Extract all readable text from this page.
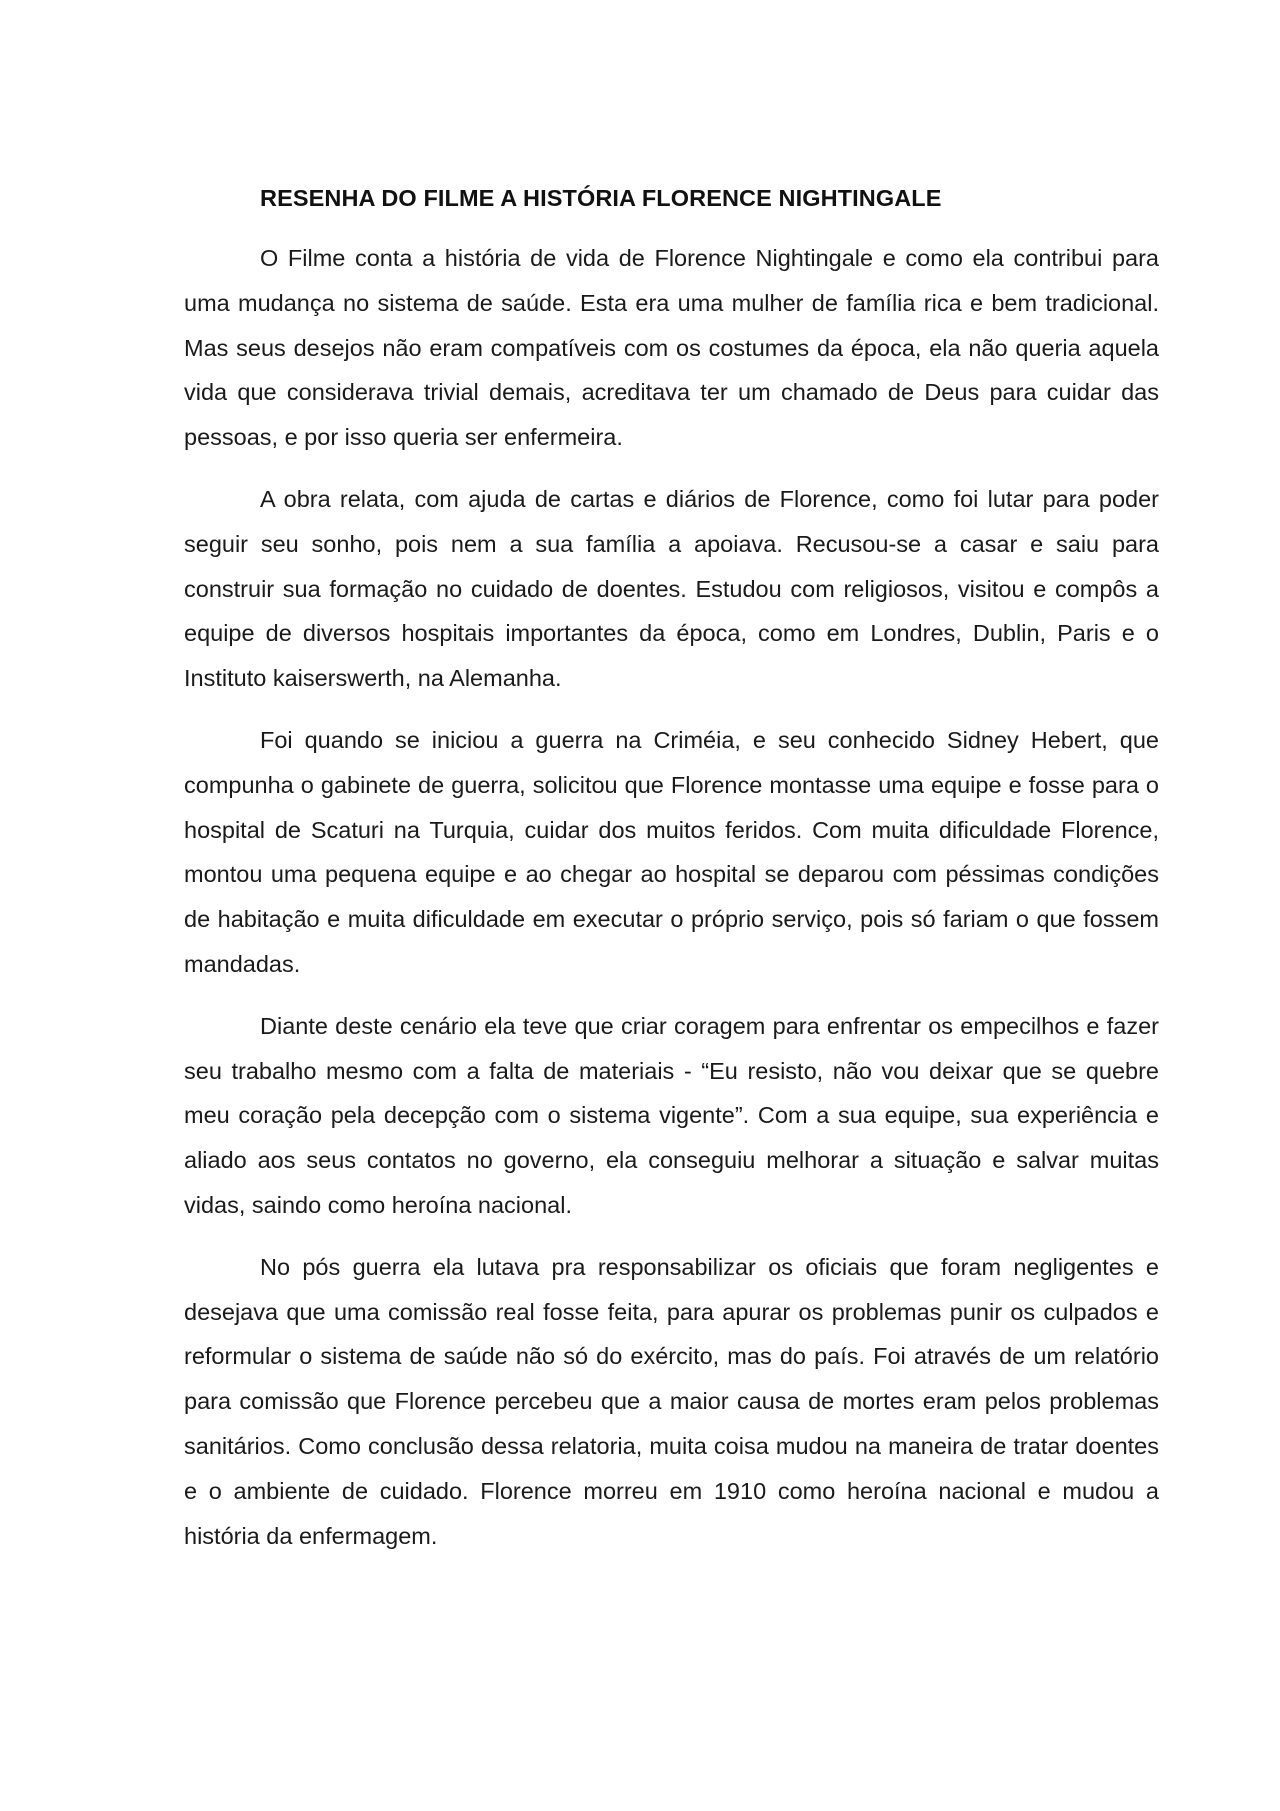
RESENHA DO FILME A HISTÓRIA FLORENCE NIGHTINGALE

O Filme conta a história de vida de Florence Nightingale e como ela contribui para uma mudança no sistema de saúde. Esta era uma mulher de família rica e bem tradicional. Mas seus desejos não eram compatíveis com os costumes da época, ela não queria aquela vida que considerava trivial demais, acreditava ter um chamado de Deus para cuidar das pessoas, e por isso queria ser enfermeira.

A obra relata, com ajuda de cartas e diários de Florence, como foi lutar para poder seguir seu sonho, pois nem a sua família a apoiava. Recusou-se a casar e saiu para construir sua formação no cuidado de doentes. Estudou com religiosos, visitou e compôs a equipe de diversos hospitais importantes da época, como em Londres, Dublin, Paris e o Instituto kaiserswerth, na Alemanha.

Foi quando se iniciou a guerra na Criméia, e seu conhecido Sidney Hebert, que compunha o gabinete de guerra, solicitou que Florence montasse uma equipe e fosse para o hospital de Scaturi na Turquia, cuidar dos muitos feridos. Com muita dificuldade Florence, montou uma pequena equipe e ao chegar ao hospital se deparou com péssimas condições de habitação e muita dificuldade em executar o próprio serviço, pois só fariam o que fossem mandadas.

Diante deste cenário ela teve que criar coragem para enfrentar os empecilhos e fazer seu trabalho mesmo com a falta de materiais - “Eu resisto, não vou deixar que se quebre meu coração pela decepção com o sistema vigente”. Com a sua equipe, sua experiência e aliado aos seus contatos no governo, ela conseguiu melhorar a situação e salvar muitas vidas, saindo como heroína nacional.

No pós guerra ela lutava pra responsabilizar os oficiais que foram negligentes e desejava que uma comissão real fosse feita, para apurar os problemas punir os culpados e reformular o sistema de saúde não só do exército, mas do país. Foi através de um relatório para comissão que Florence percebeu que a maior causa de mortes eram pelos problemas sanitários. Como conclusão dessa relatoria, muita coisa mudou na maneira de tratar doentes e o ambiente de cuidado. Florence morreu em 1910 como heroína nacional e mudou a história da enfermagem.
